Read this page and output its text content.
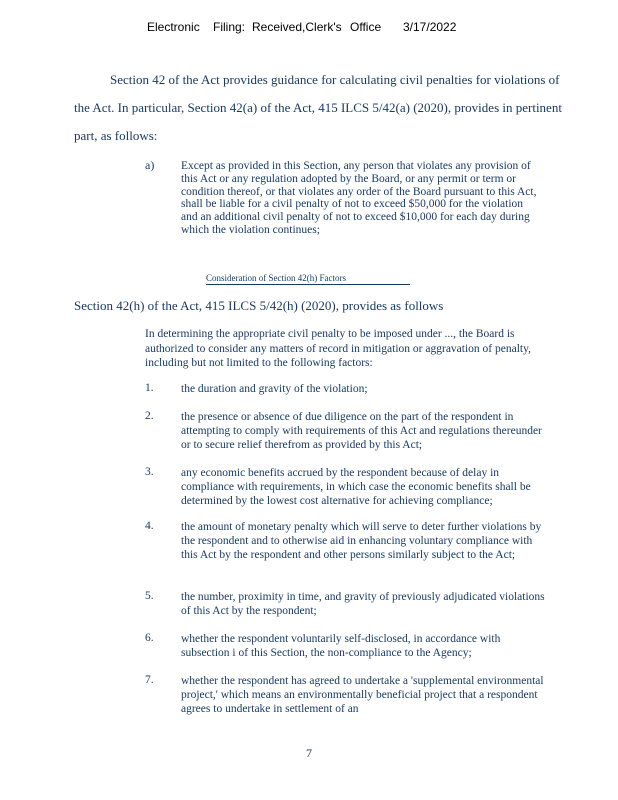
Electronic Filing: Received,Clerk's Office 3/17/2022
Section 42 of the Act provides guidance for calculating civil penalties for violations of
the Act. In particular, Section 42(a) of the Act, 415 ILCS 5/42(a) (2020), provides in pertinent
part, as follows:
a) Except as provided in this Section, any person that violates any provision of this Act or any regulation adopted by the Board, or any permit or term or condition thereof, or that violates any order of the Board pursuant to this Act, shall be liable for a civil penalty of not to exceed $50,000 for the violation and an additional civil penalty of not to exceed $10,000 for each day during which the violation continues;
Consideration of Section 42(h) Factors
Section 42(h) of the Act, 415 ILCS 5/42(h) (2020), provides as follows
In determining the appropriate civil penalty to be imposed under ..., the Board is authorized to consider any matters of record in mitigation or aggravation of penalty, including but not limited to the following factors:
1. the duration and gravity of the violation;
2. the presence or absence of due diligence on the part of the respondent in attempting to comply with requirements of this Act and regulations thereunder or to secure relief therefrom as provided by this Act;
3. any economic benefits accrued by the respondent because of delay in compliance with requirements, in which case the economic benefits shall be determined by the lowest cost alternative for achieving compliance;
4. the amount of monetary penalty which will serve to deter further violations by the respondent and to otherwise aid in enhancing voluntary compliance with this Act by the respondent and other persons similarly subject to the Act;
5. the number, proximity in time, and gravity of previously adjudicated violations of this Act by the respondent;
6. whether the respondent voluntarily self-disclosed, in accordance with subsection i of this Section, the non-compliance to the Agency;
7. whether the respondent has agreed to undertake a 'supplemental environmental project,' which means an environmentally beneficial project that a respondent agrees to undertake in settlement of an
7
